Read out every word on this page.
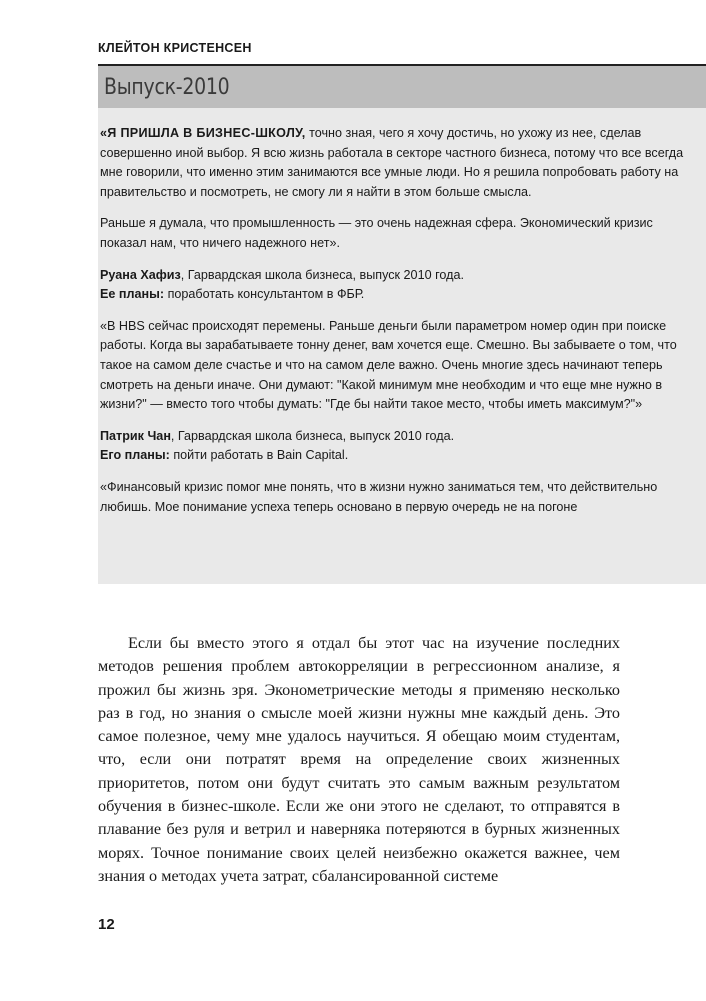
КЛЕЙТОН КРИСТЕНСЕН
Выпуск-2010

«Я ПРИШЛА В БИЗНЕС-ШКОЛУ, точно зная, чего я хочу достичь, но ухожу из нее, сделав совершенно иной выбор. Я всю жизнь работала в секторе частного бизнеса, потому что все всегда мне говорили, что именно этим занимаются все умные люди. Но я решила попробовать работу на правительство и посмотреть, не смогу ли я найти в этом больше смысла.

Раньше я думала, что промышленность — это очень надежная сфера. Экономический кризис показал нам, что ничего надежного нет».

Руана Хафиз, Гарвардская школа бизнеса, выпуск 2010 года.

Ее планы: поработать консультантом в ФБР.

«В HBS сейчас происходят перемены. Раньше деньги были параметром номер один при поиске работы. Когда вы зарабатываете тонну денег, вам хочется еще. Смешно. Вы забываете о том, что такое на самом деле счастье и что на самом деле важно. Очень многие здесь начинают теперь смотреть на деньги иначе. Они думают: "Какой минимум мне необходим и что еще мне нужно в жизни?" — вместо того чтобы думать: "Где бы найти такое место, чтобы иметь максимум?"»

Патрик Чан, Гарвардская школа бизнеса, выпуск 2010 года.

Его планы: пойти работать в Bain Capital.

«Финансовый кризис помог мне понять, что в жизни нужно заниматься тем, что действительно любишь. Мое понимание успеха теперь основано в первую очередь не на погоне

Если бы вместо этого я отдал бы этот час на изучение последних методов решения проблем автокорреляции в регрессионном анализе, я прожил бы жизнь зря. Эконометрические методы я применяю несколько раз в год, но знания о смысле моей жизни нужны мне каждый день. Это самое полезное, чему мне удалось научиться. Я обещаю моим студентам, что, если они потратят время на определение своих жизненных приоритетов, потом они будут считать это самым важным результатом обучения в бизнес-школе. Если же они этого не сделают, то отправятся в плавание без руля и ветрил и наверняка потеряются в бурных жизненных морях. Точное понимание своих целей неизбежно окажется важнее, чем знания о методах учета затрат, сбалансированной системе

12
